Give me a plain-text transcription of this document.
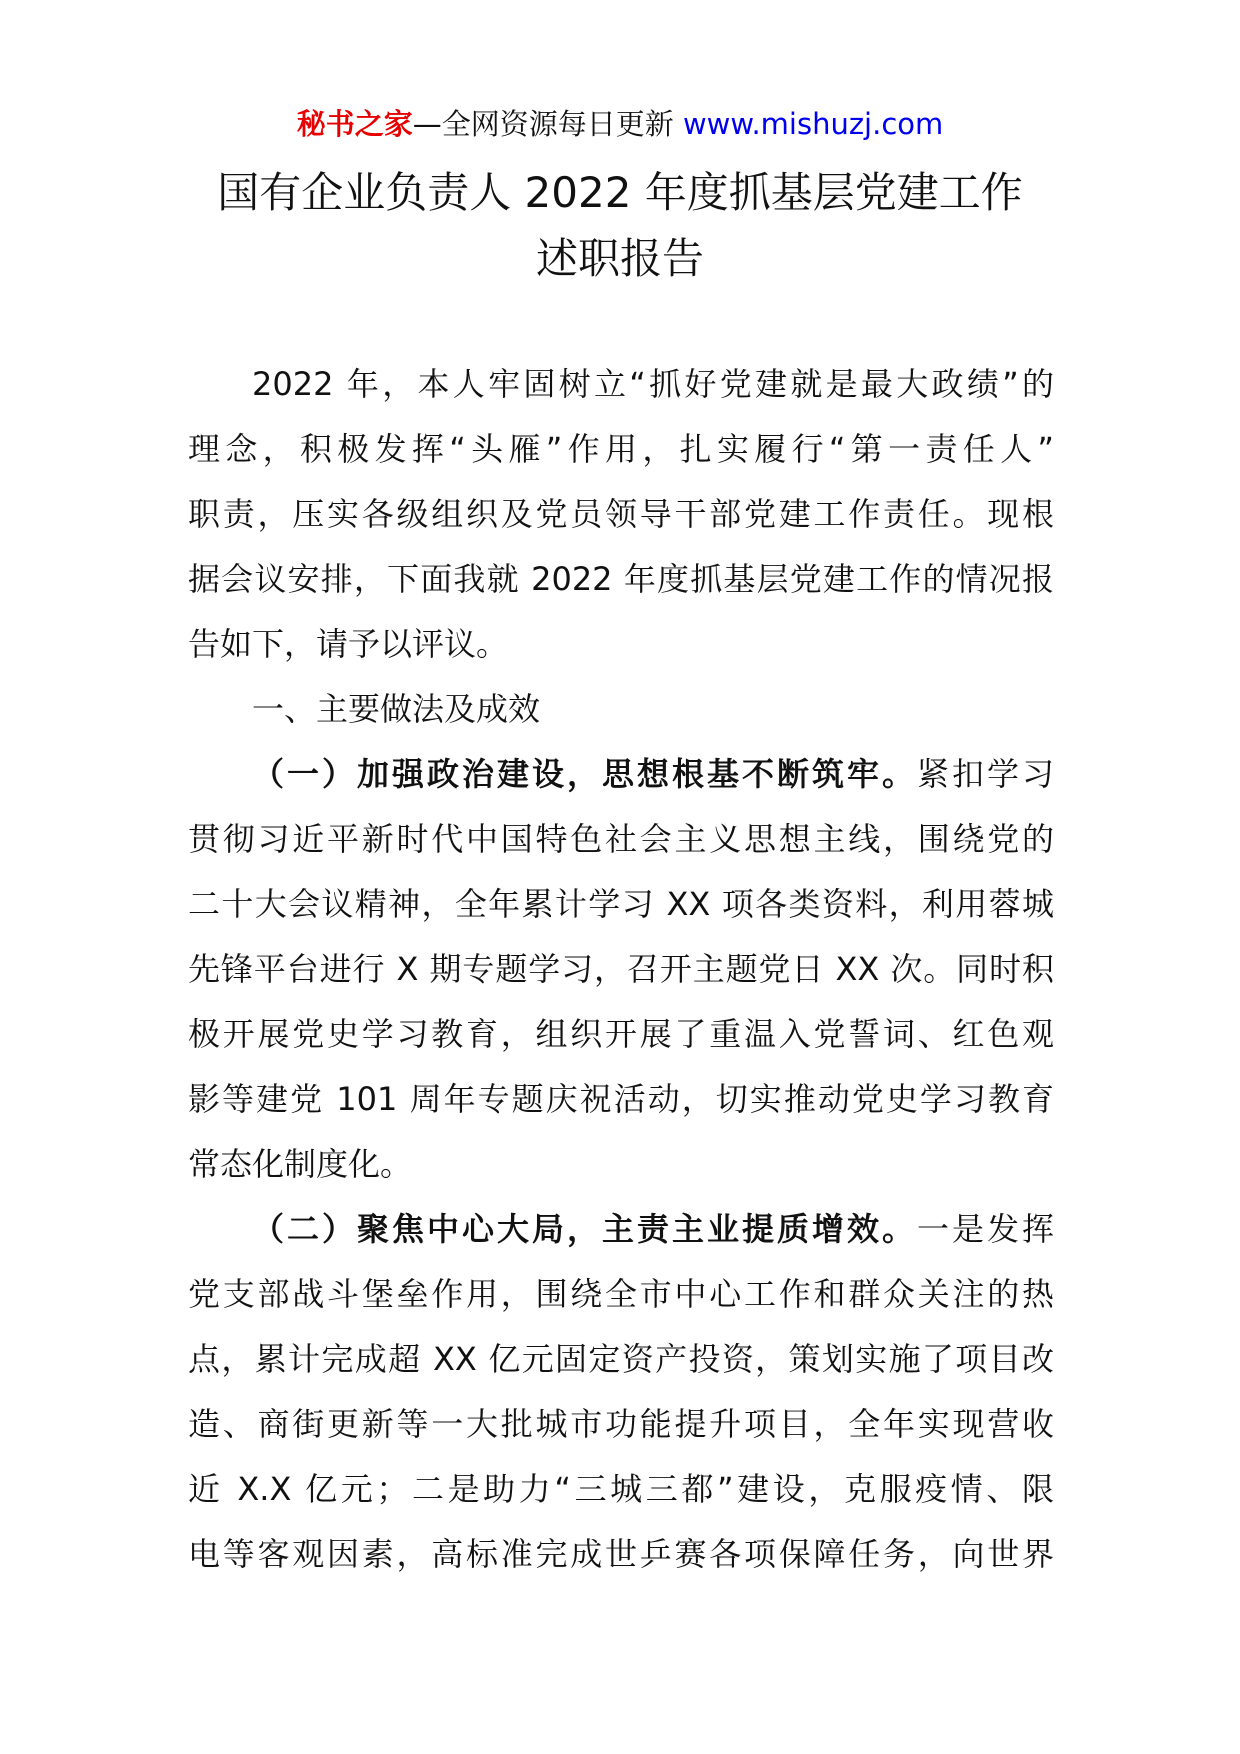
秘书之家—全网资源每日更新 www.mishuzj.com
国有企业负责人 2022 年度抓基层党建工作
述职报告
2022 年，本人牢固树立“抓好党建就是最大政绩”的
理念，积极发挥“头雁”作用，扎实履行“第一责任人”
职责，压实各级组织及党员领导干部党建工作责任。现根
据会议安排，下面我就 2022 年度抓基层党建工作的情况报
告如下，请予以评议。
一、主要做法及成效
（一）加强政治建设，思想根基不断筑牢。紧扣学习
贯彻习近平新时代中国特色社会主义思想主线，围绕党的
二十大会议精神，全年累计学习 XX 项各类资料，利用蓉城
先锋平台进行 X 期专题学习，召开主题党日 XX 次。同时积
极开展党史学习教育，组织开展了重温入党誓词、红色观
影等建党 101 周年专题庆祝活动，切实推动党史学习教育
常态化制度化。
（二）聚焦中心大局，主责主业提质增效。一是发挥
党支部战斗堡垒作用，围绕全市中心工作和群众关注的热
点，累计完成超 XX 亿元固定资产投资，策划实施了项目改
造、商街更新等一大批城市功能提升项目，全年实现营收
近 X.X 亿元；二是助力“三城三都”建设，克服疫情、限
电等客观因素，高标准完成世乒赛各项保障任务，向世界
